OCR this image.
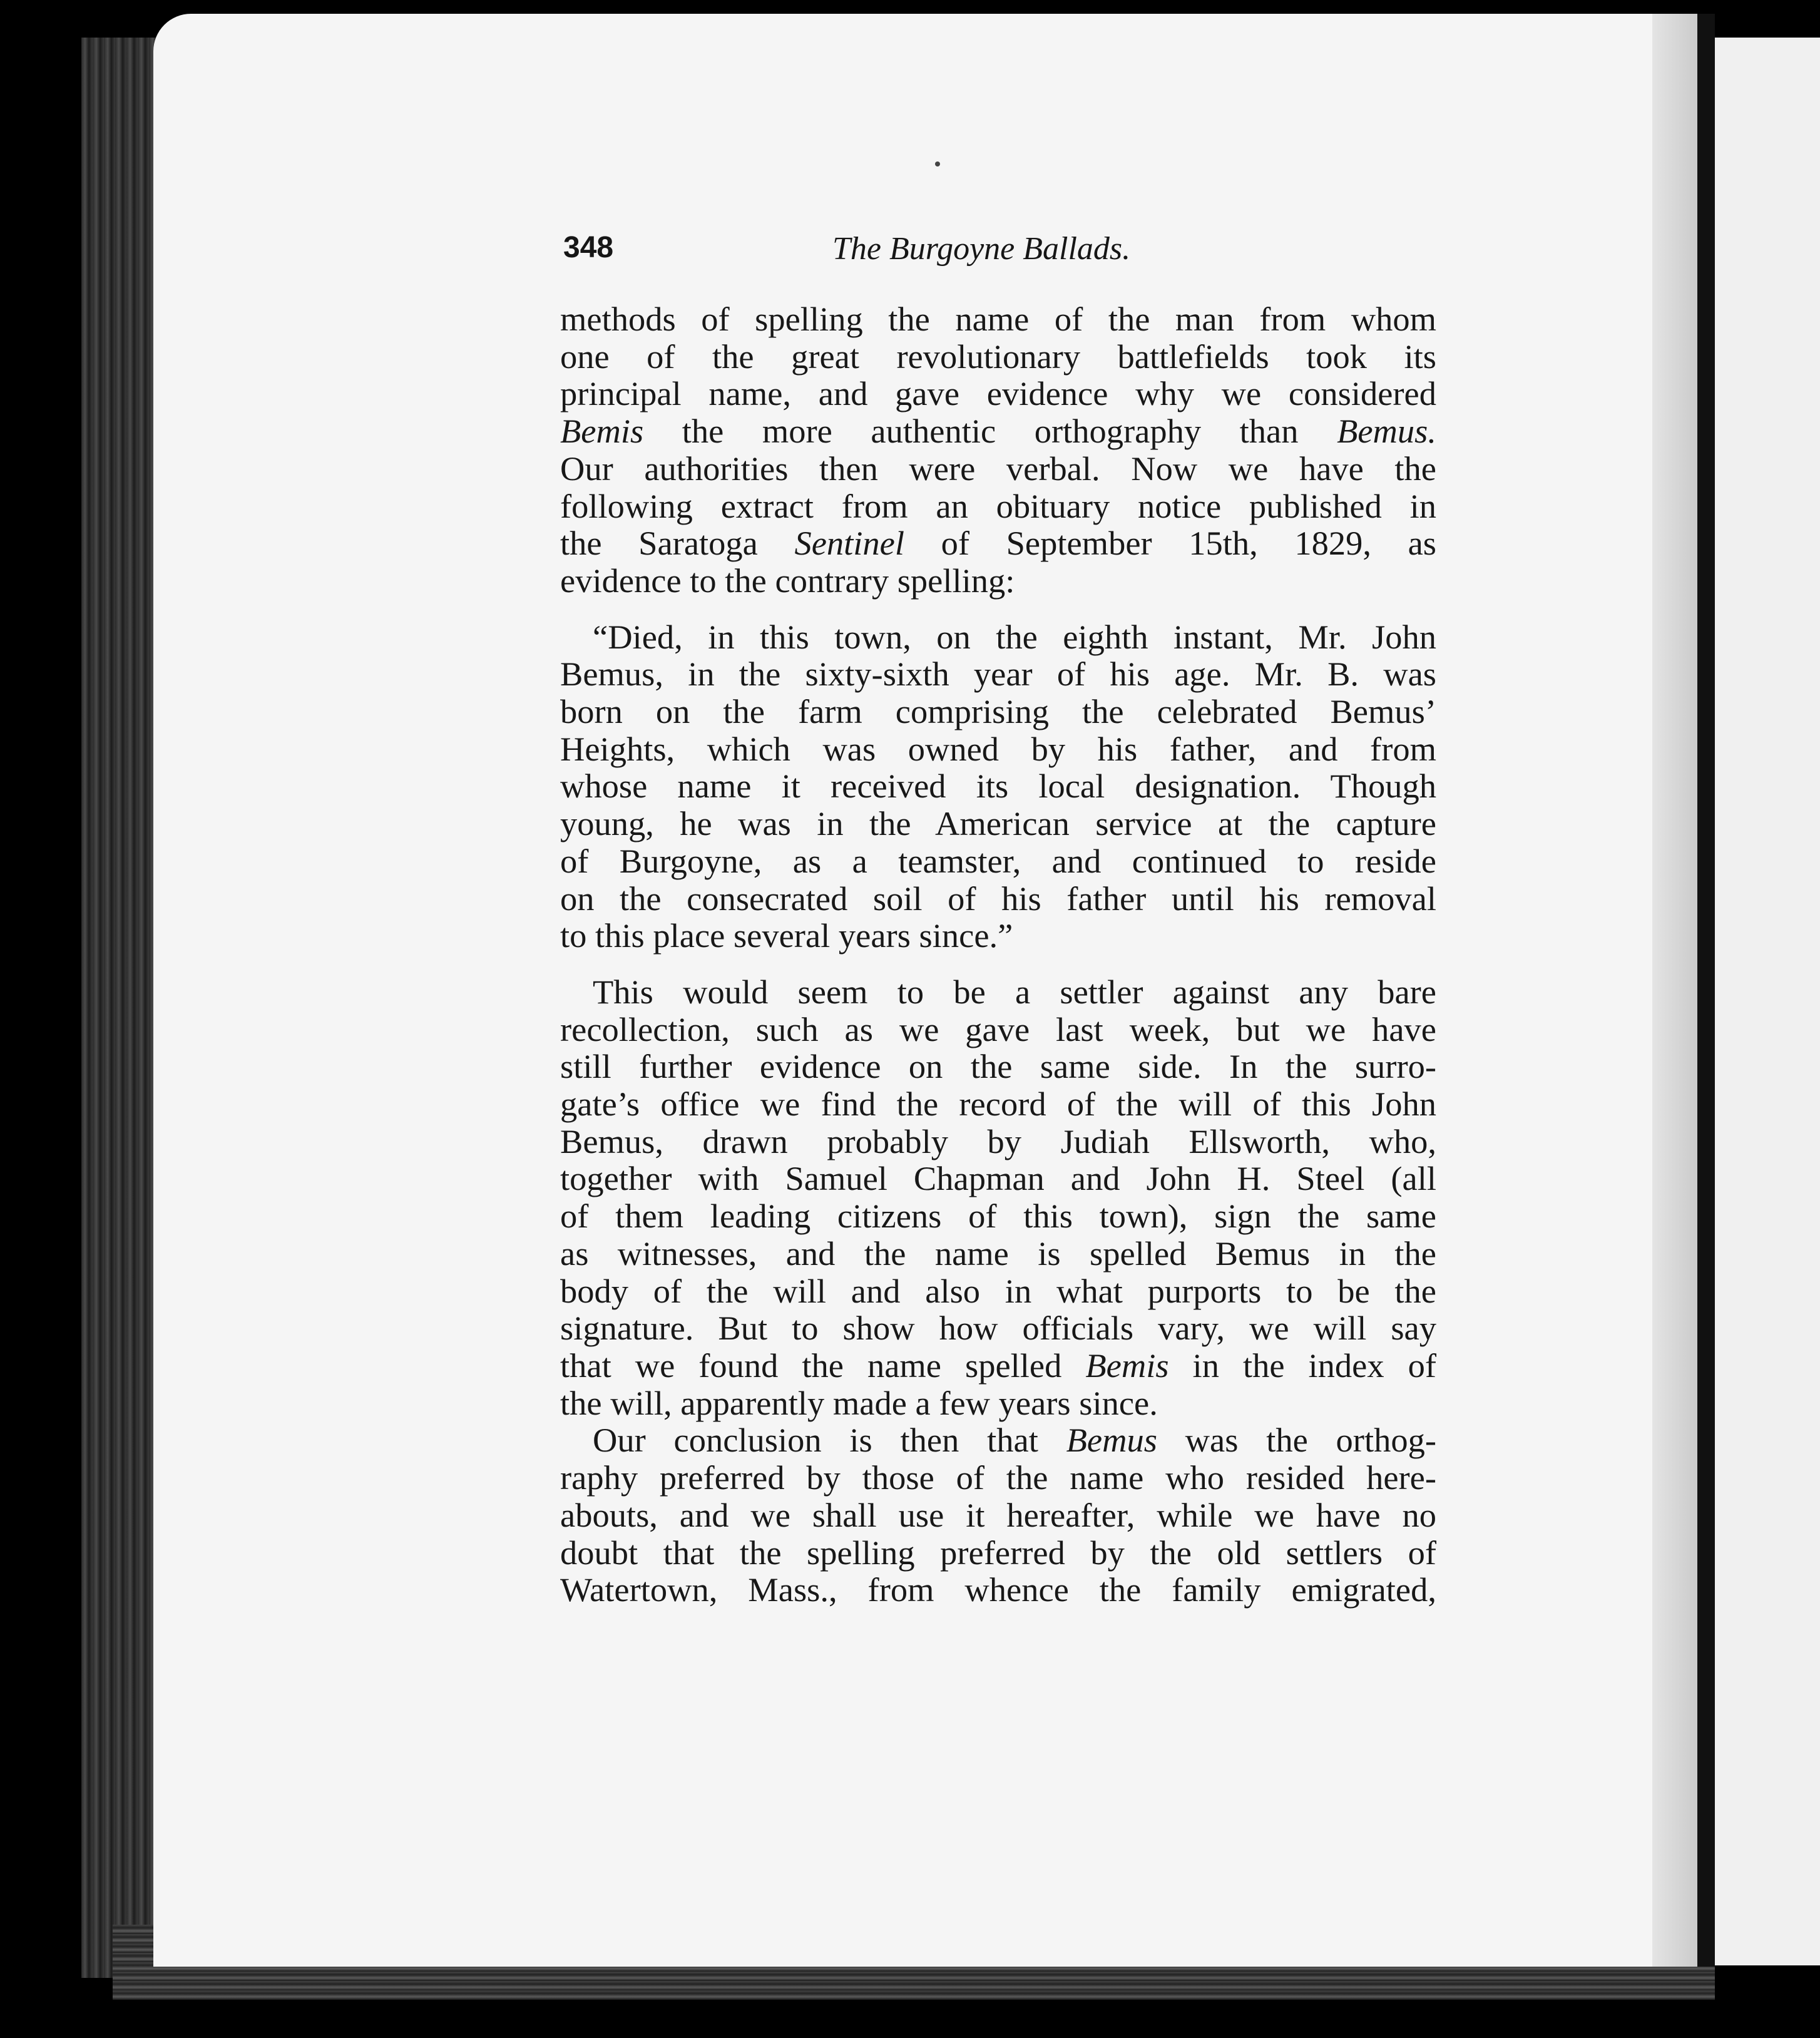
348	The Burgoyne Ballads.
methods of spelling the name of the man from whom
one of the great revolutionary battlefields took its
principal name, and gave evidence why we considered
Bemis the more authentic orthography than Bemus.
Our authorities then were verbal. Now we have the
following extract from an obituary notice published in
the Saratoga Sentinel of September 15th, 1829, as
evidence to the contrary spelling:
“Died, in this town, on the eighth instant, Mr. John
Bemus, in the sixty-sixth year of his age. Mr. B. was
born on the farm comprising the celebrated Bemus’
Heights, which was owned by his father, and from
whose name it received its local designation. Though
young, he was in the American service at the capture
of Burgoyne, as a teamster, and continued to reside
on the consecrated soil of his father until his removal
to this place several years since.”
This would seem to be a settler against any bare
recollection, such as we gave last week, but we have
still further evidence on the same side. In the surro-
gate’s office we find the record of the will of this John
Bemus, drawn probably by Judiah Ellsworth, who,
together with Samuel Chapman and John H. Steel (all
of them leading citizens of this town), sign the same
as witnesses, and the name is spelled Bemus in the
body of the will and also in what purports to be the
signature. But to show how officials vary, we will say
that we found the name spelled Bemis in the index of
the will, apparently made a few years since.
Our conclusion is then that Bemus was the orthog-
raphy preferred by those of the name who resided here-
abouts, and we shall use it hereafter, while we have no
doubt that the spelling preferred by the old settlers of
Watertown, Mass., from whence the family emigrated,
